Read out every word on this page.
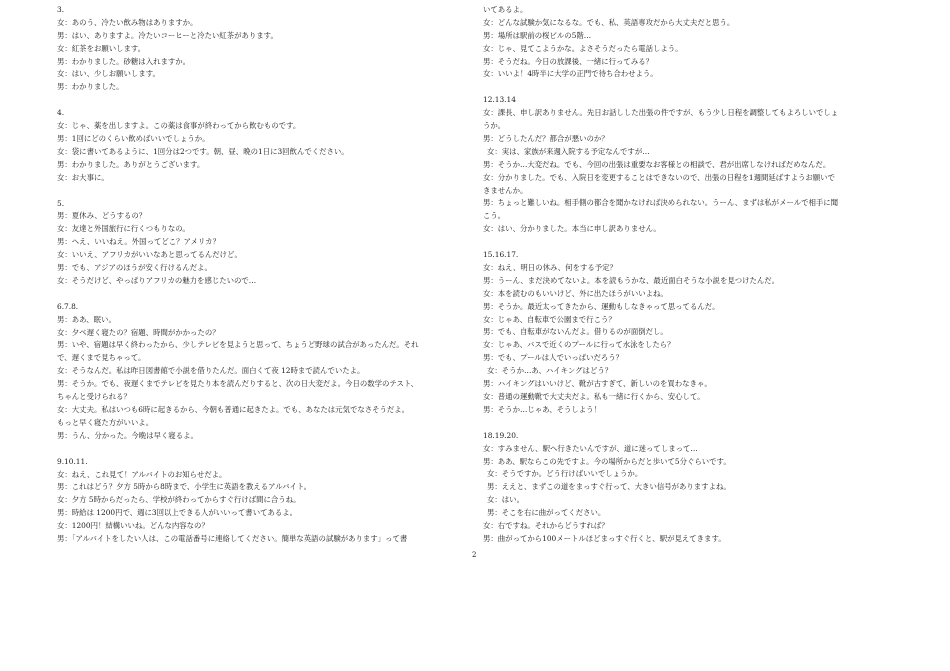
3.
女：あのう、冷たい飲み物はありますか。
男：はい、ありますよ。冷たいコーヒーと冷たい紅茶があります。
女：紅茶をお願いします。
男：わかりました。砂糖は入れますか。
女：はい、少しお願いします。
男：わかりました。
4.
女：じゃ、薬を出しますよ。この薬は食事が終わってから飲むものです。
男：1回にどのくらい飲めばいいでしょうか。
女：袋に書いてあるように、1回分は2つです。朝、昼、晩の1日に3回飲んでください。
男：わかりました。ありがとうございます。
女：お大事に。
5.
男：夏休み、どうするの？
女：友達と外国旅行に行くつもりなの。
男：へえ、いいねえ。外国ってどこ？アメリカ？
女：いいえ、アフリカがいいなあと思ってるんだけど。
男：でも、アジアのほうが安く行けるんだよ。
女：そうだけど、やっぱりアフリカの魅力を感じたいので…
6.7.8.
男：ああ、眠い。
女：夕べ遅く寝たの？宿題、時間がかかったの？
男：いや、宿題は早く終わったから、少しテレビを見ようと思って、ちょうど野球の試合があったんだ。それ
で、遅くまで見ちゃって。
女：そうなんだ。私は昨日図書館で小説を借りたんだ。面白くて夜 12時まで読んでいたよ。
男：そうか。でも、夜遅くまでテレビを見たり本を読んだりすると、次の日大変だよ。今日の数学のテスト、
ちゃんと受けられる？
女：大丈夫。私はいつも6時に起きるから、今朝も普通に起きたよ。でも、あなたは元気でなさそうだよ。
もっと早く寝た方がいいよ。
男：うん、分かった。今晩は早く寝るよ。
9.10.11.
女：ねえ、これ見て！アルバイトのお知らせだよ。
男：これはどう？夕方 5時から8時まで、小学生に英語を教えるアルバイト。
女：夕方 5時からだったら、学校が終わってからすぐ行けば間に合うね。
男：時給は 1200円で、週に3回以上できる人がいいって書いてあるよ。
女：1200円！結構いいね。どんな内容なの？
男：「アルバイトをしたい人は、この電話番号に連絡してください。簡単な英語の試験があります」って書
いてあるよ。
女：どんな試験か気になるな。でも、私、英語専攻だから大丈夫だと思う。
男：場所は駅前の桜ビルの5階…
女：じゃ、見てこようかな。よさそうだったら電話しよう。
男：そうだね。今日の放課後、一緒に行ってみる？
女：いいよ！4時半に大学の正門で待ち合わせよう。
12.13.14
女：課長、申し訳ありません。先日お話しした出張の件ですが、もう少し日程を調整してもよろしいでしょ
うか。
男：どうしたんだ？都合が悪いのか？
女：実は、家族が来週入院する予定なんですが…
男：そうか…大変だね。でも、今回の出張は重要なお客様との相談で、君が出席しなければだめなんだ。
女：分かりました。でも、入院日を変更することはできないので、出張の日程を1週間延ばすようお願いで
きませんか。
男：ちょっと難しいね。相手側の都合を聞かなければ決められない。うーん、まずは私がメールで相手に聞
こう。
女：はい、分かりました。本当に申し訳ありません。
15.16.17.
女：ねえ、明日の休み、何をする予定？
男：うーん、まだ決めてないよ。本を読もうかな、最近面白そうな小説を見つけたんだ。
女：本を読むのもいいけど、外に出たほうがいいよね。
男：そうか。最近太ってきたから、運動もしなきゃって思ってるんだ。
女：じゃあ、自転車で公園まで行こう？
男：でも、自転車がないんだよ。借りるのが面倒だし。
女：じゃあ、バスで近くのプールに行って水泳をしたら？
男：でも、プールは人でいっぱいだろう？
女：そうか…あ、ハイキングはどう？
男：ハイキングはいいけど、靴が古すぎて、新しいのを買わなきゃ。
女：普通の運動靴で大丈夫だよ。私も一緒に行くから、安心して。
男：そうか…じゃあ、そうしよう！
18.19.20.
女：すみません、駅へ行きたいんですが、道に迷ってしまって…
男：ああ、駅ならこの先ですよ。今の場所からだと歩いて5分ぐらいです。
女：そうですか。どう行けばいいでしょうか。
男：ええと、まずこの道をまっすぐ行って、大きい信号がありますよね。
女：はい。
男：そこを右に曲がってください。
女：右ですね。それからどうすれば？
男：曲がってから100メートルほどまっすぐ行くと、駅が見えてきます。
2
